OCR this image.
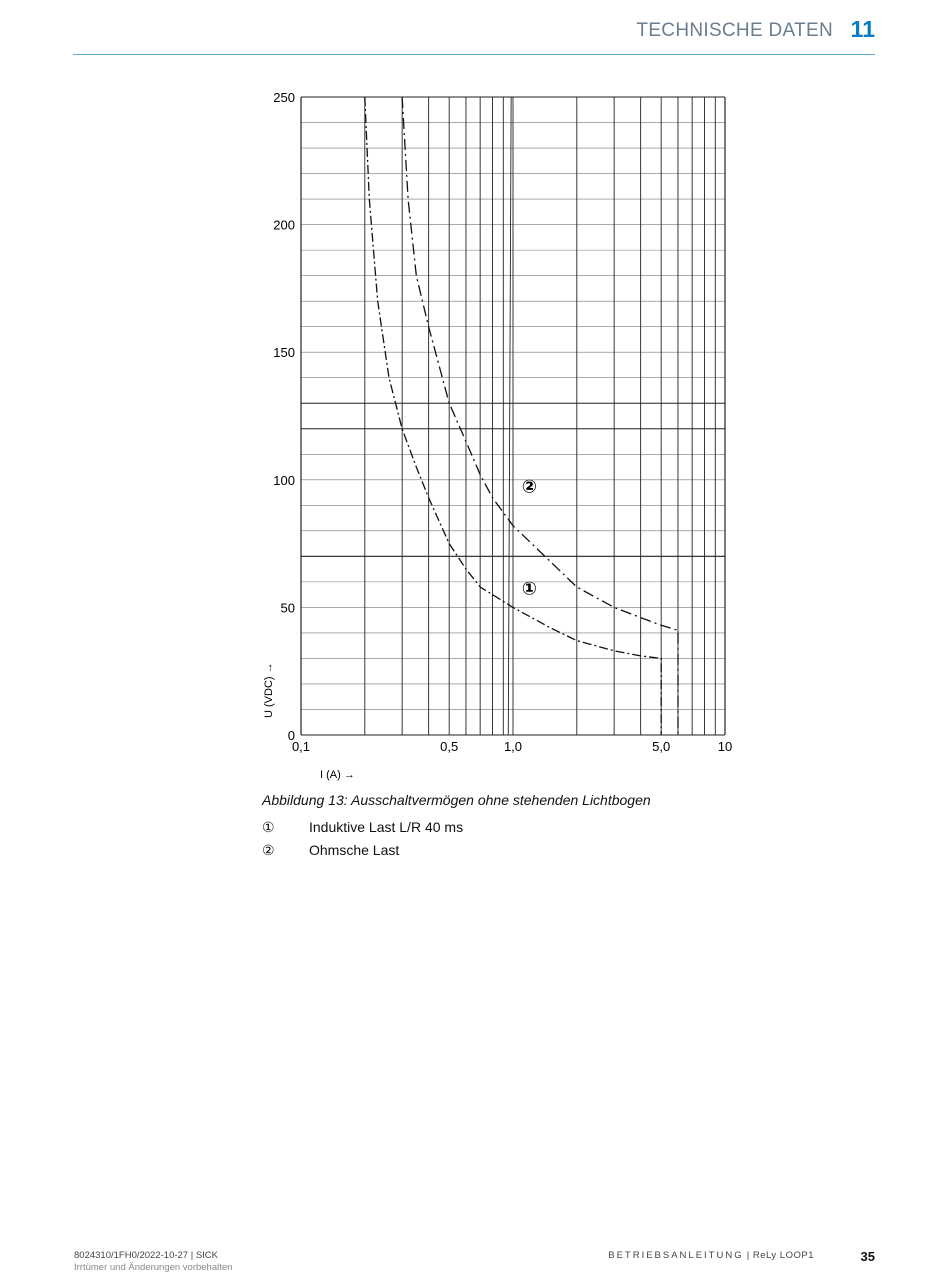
TECHNISCHE DATEN 11
①
②
I (A) →
U (VDC) →
0
50
100
150
200
250
0,1	0,5	1,0	5,0	10
Abbildung 13: Ausschaltvermögen ohne stehenden Lichtbogen
① Induktive Last L/R 40 ms
② Ohmsche Last
8024310/1FH0/2022-10-27 | SICK
Irrtümer und Änderungen vorbehalten
BETRIEBSANLEITUNG | ReLy LOOP1	35
